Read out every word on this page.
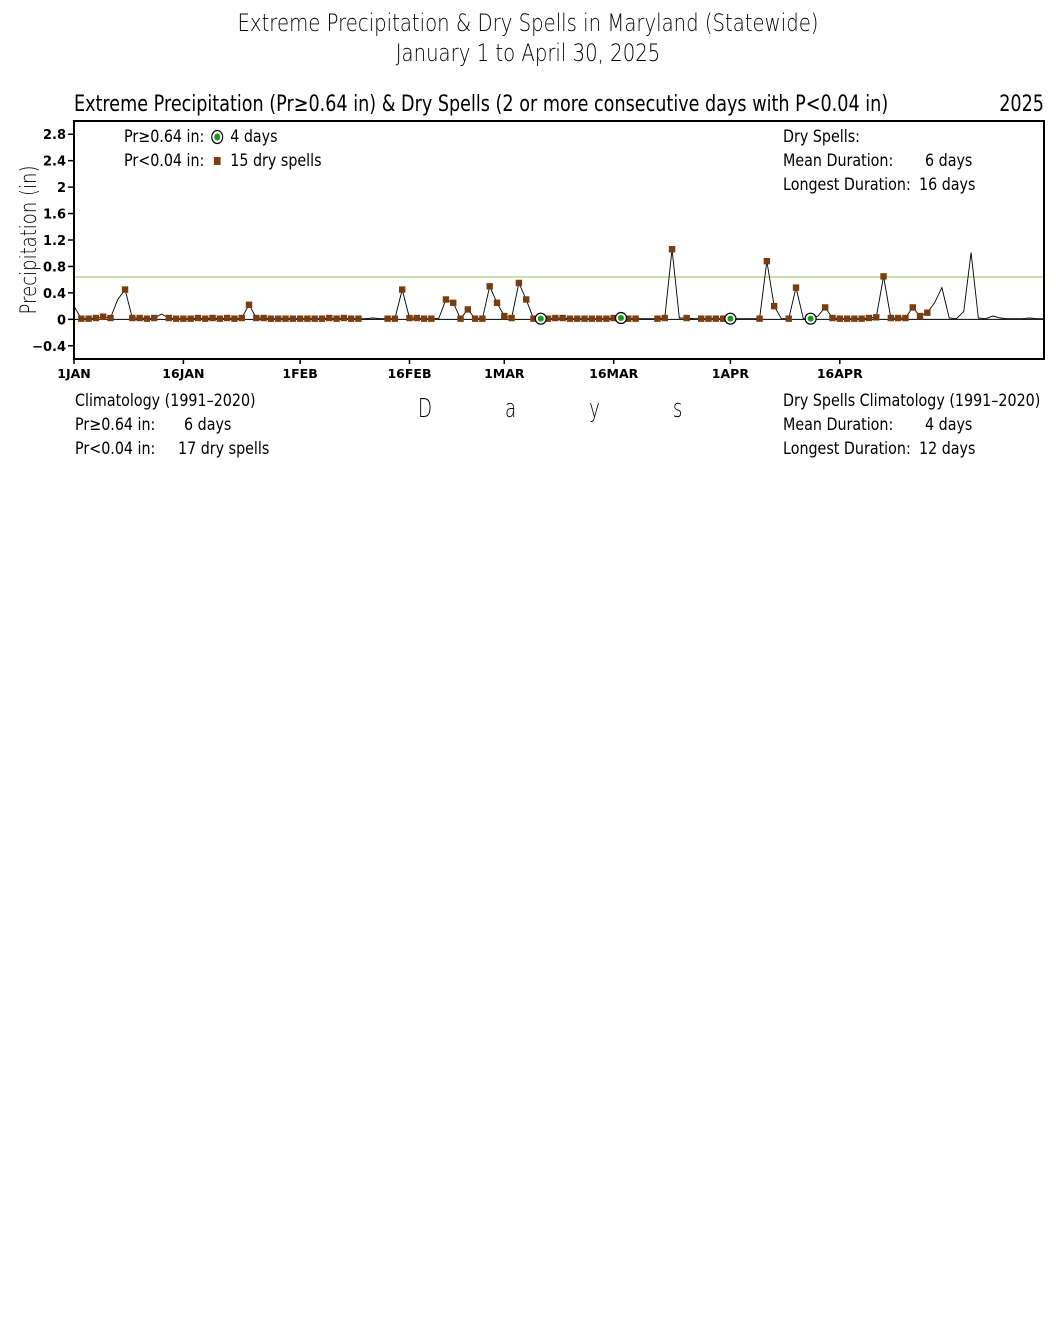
Extreme Precipitation & Dry Spells in Maryland (Statewide)
January 1 to April 30, 2025
Extreme Precipitation (Pr≥0.64 in) & Dry Spells (2 or more consecutive days with P<0.04 in)	2025
−0.4
0
0.4
0.8
1.2
1.6
2
2.4
2.8
1JAN	16JAN	1FEB	16FEB	1MAR	16MAR	1APR	16APR
Precipitation (in)
Pr≥0.64 in: 4 days
Pr<0.04 in: 15 dry spells
Dry Spells:
Mean Duration: 6 days
Longest Duration: 16 days
D a y s
Climatology (1991–2020)
Pr≥0.64 in: 6 days
Pr<0.04 in: 17 dry spells
Dry Spells Climatology (1991–2020)
Mean Duration: 4 days
Longest Duration: 12 days
